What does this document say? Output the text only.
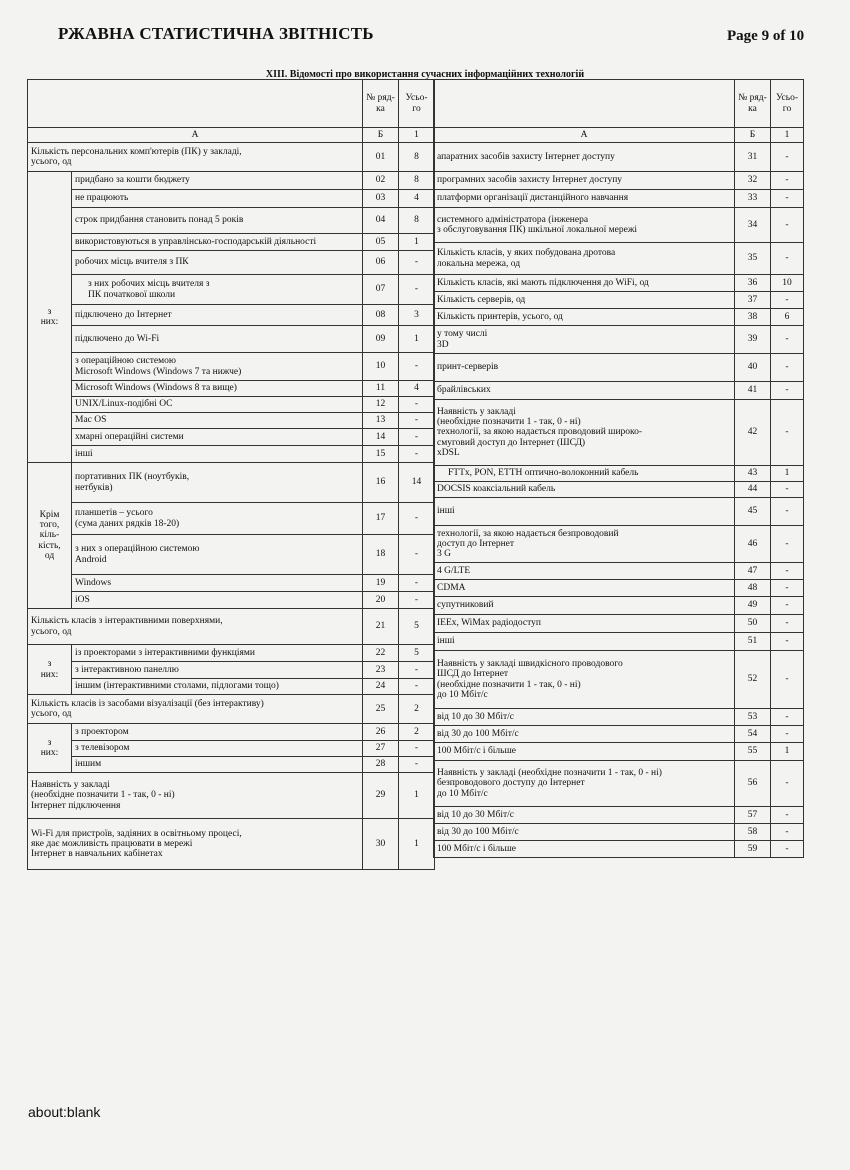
РЖАВНА СТАТИСТИЧНА ЗВІТНІСТЬ	Page 9 of 10
XIII. Відомості про використання сучасних інформаційних технологій
		№ ряд-ка	Усьо-го
А		Б	1
Кількість персональних комп'ютерів (ПК) у закладі,
усього, од		01	8
з
них:	придбано за кошти бюджету	02	8
	не працюють	03	4
	строк придбання становить понад 5 років	04	8
	використовуються в управлінсько-господарській діяльності	05	1
	робочих місць вчителя з ПК	06	-
	з них робочих місць вчителя з
ПК початкової школи	07	-
	підключено до Інтернет	08	3
	підключено до Wi-Fi	09	1
	з операційною системою
Microsoft Windows (Windows 7 та нижче)	10	-
	Microsoft Windows (Windows 8 та вище)	11	4
	UNIX/Linux-подібні ОС	12	-
	Mac OS	13	-
	хмарні операційні системи	14	-
	інші	15	-
Крім
того,
кіль-
кість,
од	портативних ПК (ноутбуків,
нетбуків)	16	14
	планшетів – усього
(сума даних рядків 18-20)	17	-
	з них з операційною системою
Android	18	-
	Windows	19	-
	iOS	20	-
Кількість класів з інтерактивними поверхнями,
усього, од		21	5
з
них:	із проекторами з інтерактивними функціями	22	5
	з інтерактивною панеллю	23	-
	іншим (інтерактивними столами, підлогами тощо)	24	-
Кількість класів із засобами візуалізації (без інтерактиву)
усього, од		25	2
з
них:	з проектором	26	2
	з телевізором	27	-
	іншим	28	-
Наявність у закладі
(необхідне позначити 1 - так, 0 - ні)
Інтернет підключення		29	1
Wi-Fi для пристроїв, задіяних в освітньому процесі,
яке дає можливість працювати в мережі
Інтернет в навчальних кабінетах		30	1
	№ ряд-ка	Усьо-го
А	Б	1
апаратних засобів захисту Інтернет доступу	31	-
програмних засобів захисту Інтернет доступу	32	-
платформи організації дистанційного навчання	33	-
системного адміністратора (інженера
з обслуговування ПК) шкільної локальної мережі	34	-
Кількість класів, у яких побудована дротова
локальна мережа, од	35	-
Кількість класів, які мають підключення до WiFi, од	36	10
Кількість серверів, од	37	-
Кількість принтерів, усього, од	38	6
у тому числі
3D	39	-
принт-серверів	40	-
брайлівських	41	-
Наявність у закладі
(необхідне позначити 1 - так, 0 - ні)
технології, за якою надається проводовий широко-
смуговий доступ до Інтернет (ШСД)
xDSL	42	-
FTTx, PON, ETTH оптично-волоконний кабель	43	1
DOCSIS коаксіальний кабель	44	-
інші	45	-
технології, за якою надається безпроводовий
доступ до Інтернет
3 G	46	-
4 G/LTE	47	-
CDMA	48	-
супутниковий	49	-
IEEx, WiMax радіодоступ	50	-
інші	51	-
Наявність у закладі швидкісного проводового
ШСД до Інтернет
(необхідне позначити 1 - так, 0 - ні)
до 10 Мбіт/с	52	-
від 10 до 30 Мбіт/с	53	-
від 30 до 100 Мбіт/с	54	-
100 Мбіт/с і більше	55	1
Наявність у закладі (необхідне позначити 1 - так, 0 - ні)
безпроводового доступу до Інтернет
до 10 Мбіт/с	56	-
від 10 до 30 Мбіт/с	57	-
від 30 до 100 Мбіт/с	58	-
100 Мбіт/с і більше	59	-
about:blank
